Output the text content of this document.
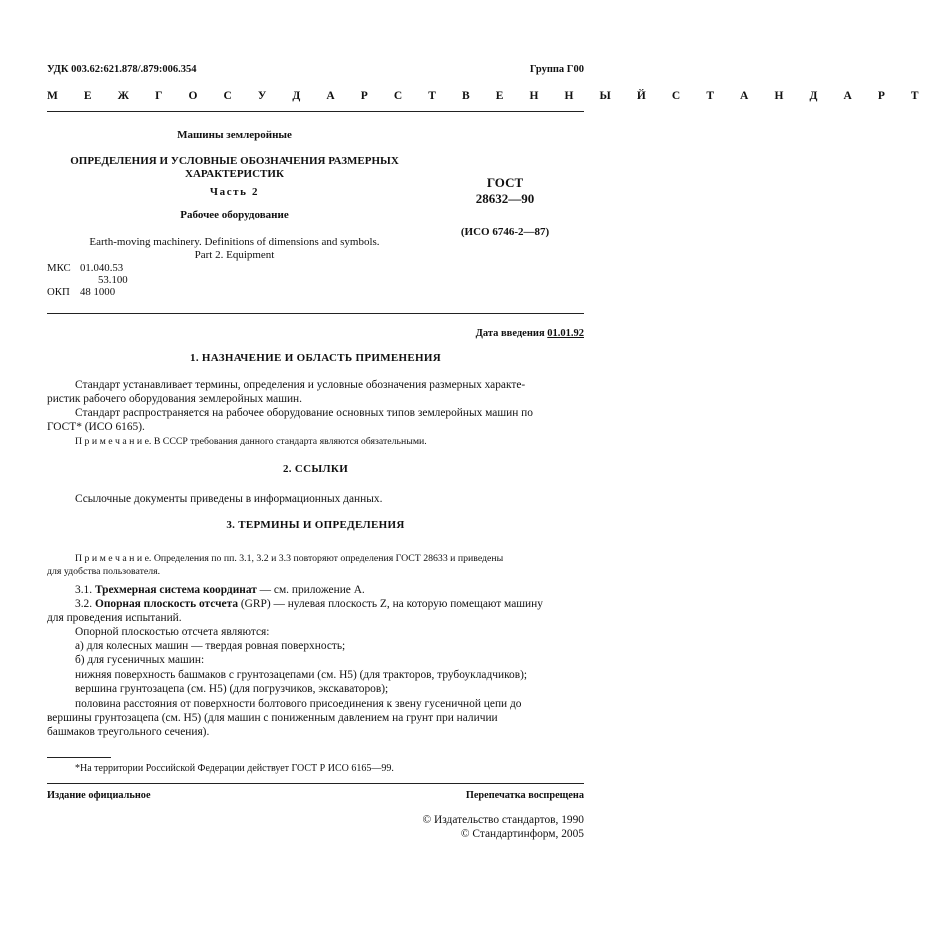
УДК 003.62:621.878/.879:006.354	Группа Г00
М Е Ж Г О С У Д А Р С Т В Е Н Н Ы Й С Т А Н Д А Р Т
Машины землеройные
ОПРЕДЕЛЕНИЯ И УСЛОВНЫЕ ОБОЗНАЧЕНИЯ РАЗМЕРНЫХ
ХАРАКТЕРИСТИК
Часть 2
Рабочее оборудование
Earth-moving machinery. Definitions of dimensions and symbols.
Part 2. Equipment
МКС 01.040.53
53.100
ОКП 48 1000
ГОСТ
28632—90
(ИСО 6746-2—87)
Дата введения 01.01.92
1. НАЗНАЧЕНИЕ И ОБЛАСТЬ ПРИМЕНЕНИЯ
Стандарт устанавливает термины, определения и условные обозначения размерных характе-
ристик рабочего оборудования землеройных машин.
Стандарт распространяется на рабочее оборудование основных типов землеройных машин по
ГОСТ* (ИСО 6165).
П р и м е ч а н и е. В СССР требования данного стандарта являются обязательными.
2. ССЫЛКИ
Ссылочные документы приведены в информационных данных.
3. ТЕРМИНЫ И ОПРЕДЕЛЕНИЯ
П р и м е ч а н и е. Определения по пп. 3.1, 3.2 и 3.3 повторяют определения ГОСТ 28633 и приведены
для удобства пользователя.
3.1. Трехмерная система координат — см. приложение А.
3.2. Опорная плоскость отсчета (GRP) — нулевая плоскость Z, на которую помещают машину
для проведения испытаний.
Опорной плоскостью отсчета являются:
а) для колесных машин — твердая ровная поверхность;
б) для гусеничных машин:
нижняя поверхность башмаков с грунтозацепами (см. Н5) (для тракторов, трубоукладчиков);
вершина грунтозацепа (см. Н5) (для погрузчиков, экскаваторов);
половина расстояния от поверхности болтового присоединения к звену гусеничной цепи до
вершины грунтозацепа (см. Н5) (для машин с пониженным давлением на грунт при наличии
башмаков треугольного сечения).
*На территории Российской Федерации действует ГОСТ Р ИСО 6165—99.
Издание официальное	Перепечатка воспрещена
© Издательство стандартов, 1990
© Стандартинформ, 2005
